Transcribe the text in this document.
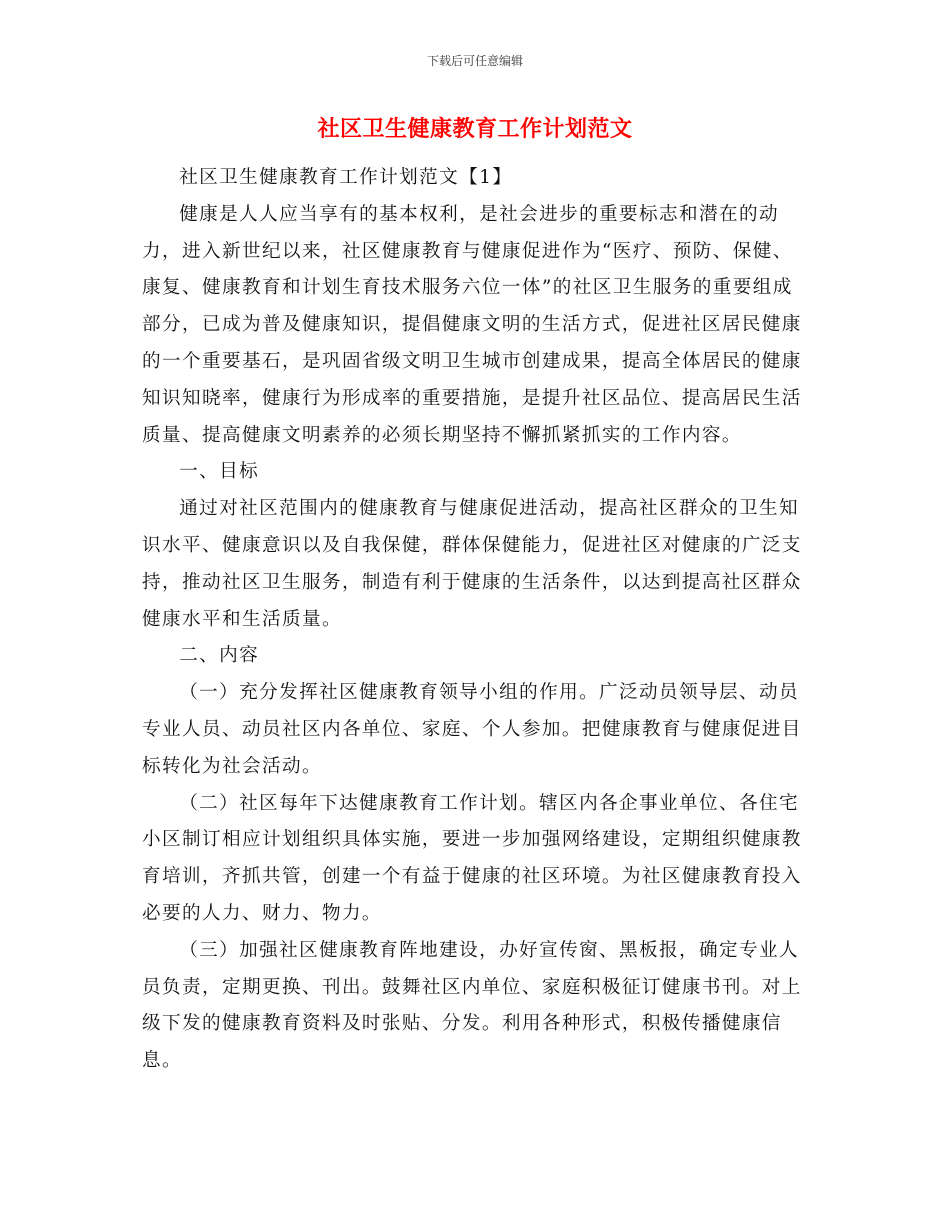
下载后可任意编辑
社区卫生健康教育工作计划范文

社区卫生健康教育工作计划范文【1】

健康是人人应当享有的基本权利，是社会进步的重要标志和潜在的动力，进入新世纪以来，社区健康教育与健康促进作为“医疗、预防、保健、康复、健康教育和计划生育技术服务六位一体”的社区卫生服务的重要组成部分，已成为普及健康知识，提倡健康文明的生活方式，促进社区居民健康的一个重要基石，是巩固省级文明卫生城市创建成果，提高全体居民的健康知识知晓率，健康行为形成率的重要措施，是提升社区品位、提高居民生活质量、提高健康文明素养的必须长期坚持不懈抓紧抓实的工作内容。

一、目标

通过对社区范围内的健康教育与健康促进活动，提高社区群众的卫生知识水平、健康意识以及自我保健，群体保健能力，促进社区对健康的广泛支持，推动社区卫生服务，制造有利于健康的生活条件，以达到提高社区群众健康水平和生活质量。

二、内容

（一）充分发挥社区健康教育领导小组的作用。广泛动员领导层、动员专业人员、动员社区内各单位、家庭、个人参加。把健康教育与健康促进目标转化为社会活动。

（二）社区每年下达健康教育工作计划。辖区内各企事业单位、各住宅小区制订相应计划组织具体实施，要进一步加强网络建设，定期组织健康教育培训，齐抓共管，创建一个有益于健康的社区环境。为社区健康教育投入必要的人力、财力、物力。

（三）加强社区健康教育阵地建设，办好宣传窗、黑板报，确定专业人员负责，定期更换、刊出。鼓舞社区内单位、家庭积极征订健康书刊。对上级下发的健康教育资料及时张贴、分发。利用各种形式，积极传播健康信息。
